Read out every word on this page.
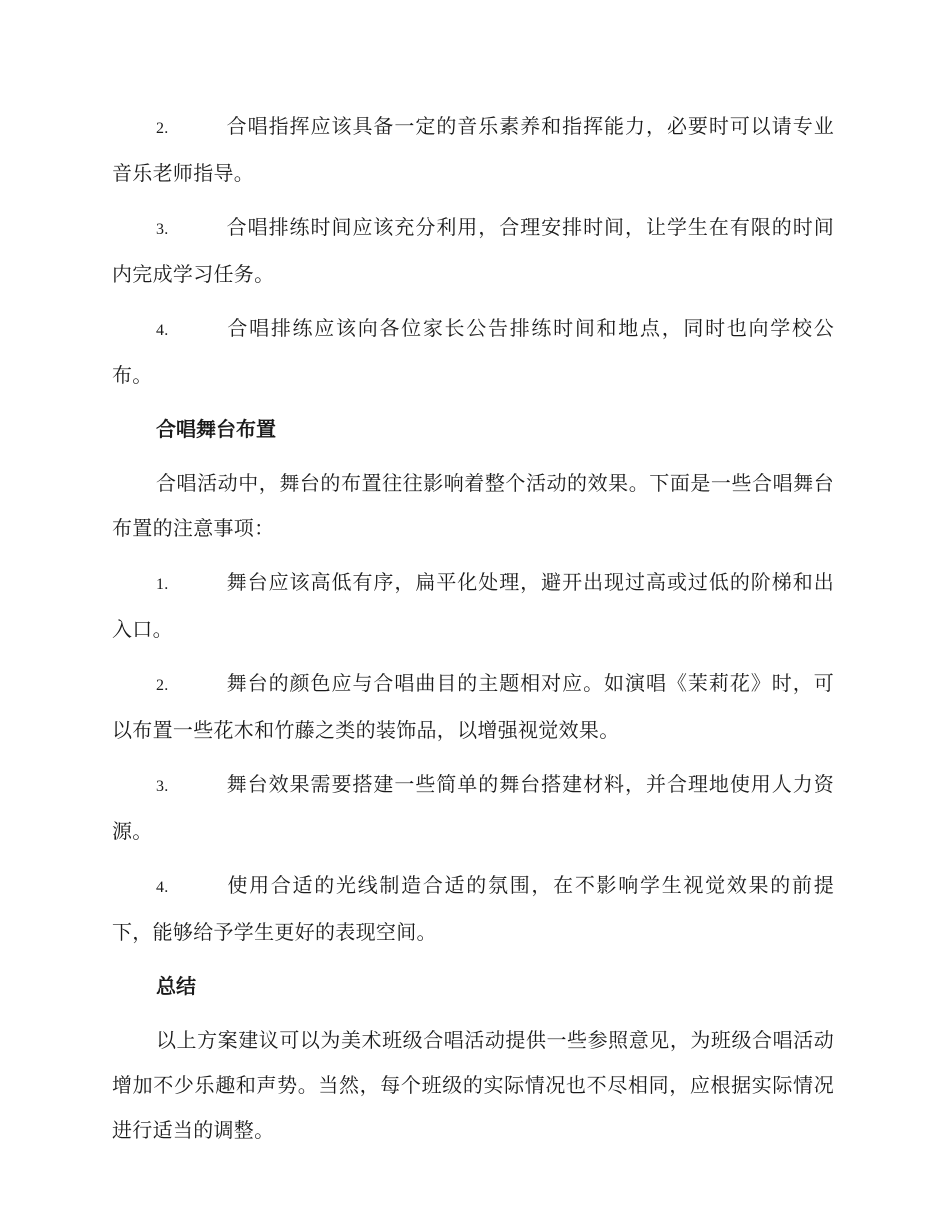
2.	合唱指挥应该具备一定的音乐素养和指挥能力，必要时可以请专业音乐老师指导。
3.	合唱排练时间应该充分利用，合理安排时间，让学生在有限的时间内完成学习任务。
4.	合唱排练应该向各位家长公告排练时间和地点，同时也向学校公布。
合唱舞台布置
合唱活动中，舞台的布置往往影响着整个活动的效果。下面是一些合唱舞台布置的注意事项：
1.	舞台应该高低有序，扁平化处理，避开出现过高或过低的阶梯和出入口。
2.	舞台的颜色应与合唱曲目的主题相对应。如演唱《茉莉花》时，可以布置一些花木和竹藤之类的装饰品，以增强视觉效果。
3.	舞台效果需要搭建一些简单的舞台搭建材料，并合理地使用人力资源。
4.	使用合适的光线制造合适的氛围，在不影响学生视觉效果的前提下，能够给予学生更好的表现空间。
总结
以上方案建议可以为美术班级合唱活动提供一些参照意见，为班级合唱活动增加不少乐趣和声势。当然，每个班级的实际情况也不尽相同，应根据实际情况进行适当的调整。
